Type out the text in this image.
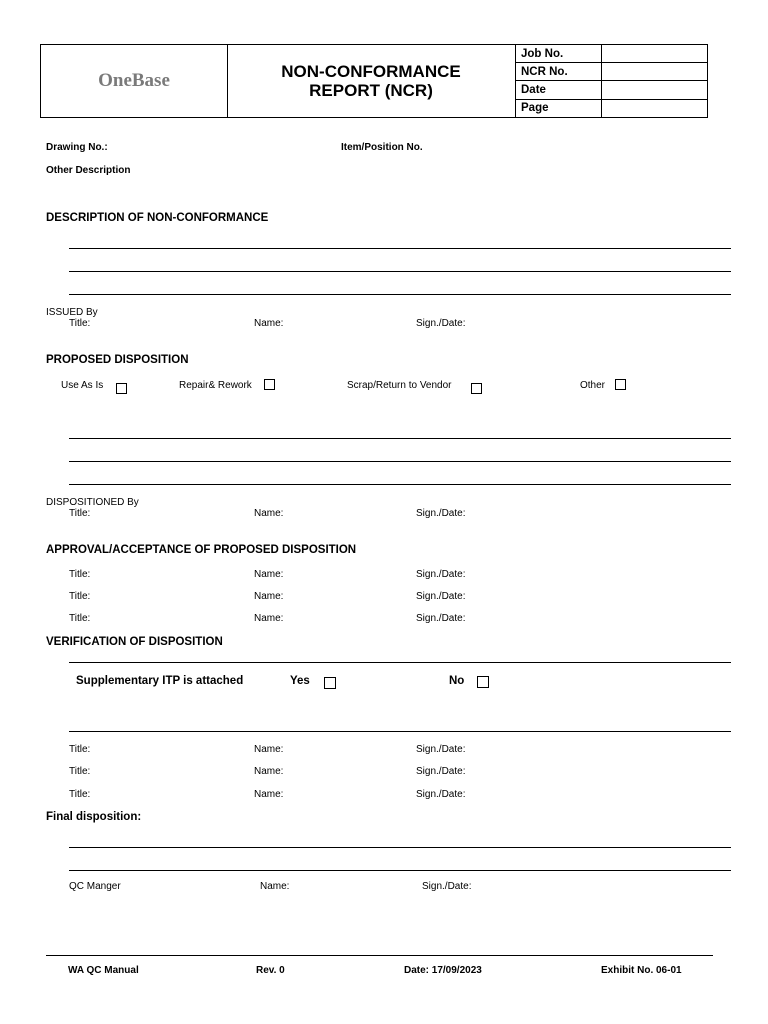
OneBase	NON-CONFORMANCE
REPORT (NCR)
Job No.	
NCR No.	
Date	
Page	
Drawing No.:	Item/Position No.
Other Description
DESCRIPTION OF NON-CONFORMANCE
ISSUED By
Title:	Name:	Sign./Date:
PROPOSED DISPOSITION
Use As Is	Repair& Rework	Scrap/Return to Vendor	Other
DISPOSITIONED By
Title:	Name:	Sign./Date:
APPROVAL/ACCEPTANCE OF PROPOSED DISPOSITION
Title:	Name:	Sign./Date:
Title:	Name:	Sign./Date:
Title:	Name:	Sign./Date:
VERIFICATION OF DISPOSITION
Supplementary ITP is attached	Yes	No
Title:	Name:	Sign./Date:
Title:	Name:	Sign./Date:
Title:	Name:	Sign./Date:
Final disposition:
QC Manger	Name:	Sign./Date:
WA QC Manual	Rev. 0	Date: 17/09/2023	Exhibit No. 06-01
